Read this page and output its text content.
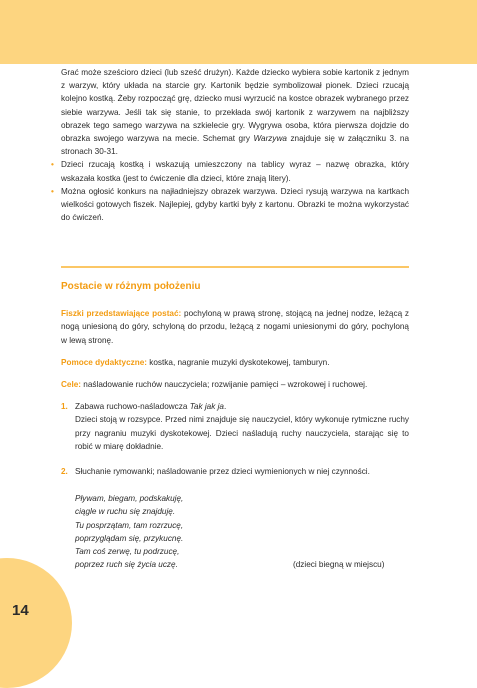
Grać może sześcioro dzieci (lub sześć drużyn). Każde dziecko wybiera sobie kartonik z jednym z warzyw, który układa na starcie gry. Kartonik będzie symbolizował pionek. Dzieci rzucają kolejno kostką. Żeby rozpocząć grę, dziecko musi wyrzucić na kostce obrazek wybranego przez siebie warzywa. Jeśli tak się stanie, to przekłada swój kartonik z warzywem na najbliższy obrazek tego samego warzywa na szkielecie gry. Wygrywa osoba, która pierwsza dojdzie do obrazka swojego warzywa na mecie. Schemat gry Warzywa znajduje się w załączniku 3. na stronach 30-31.

• Dzieci rzucają kostką i wskazują umieszczony na tablicy wyraz – nazwę obrazka, który wskazała kostka (jest to ćwiczenie dla dzieci, które znają litery).
• Można ogłosić konkurs na najładniejszy obrazek warzywa. Dzieci rysują warzywa na kartkach wielkości gotowych fiszek. Najlepiej, gdyby kartki były z kartonu. Obrazki te można wykorzystać do ćwiczeń.
Postacie w różnym położeniu

Fiszki przedstawiające postać: pochyloną w prawą stronę, stojącą na jednej nodze, leżącą z nogą uniesioną do góry, schyloną do przodu, leżącą z nogami uniesionymi do góry, pochyloną w lewą stronę.

Pomoce dydaktyczne: kostka, nagranie muzyki dyskotekowej, tamburyn.

Cele: naśladowanie ruchów nauczyciela; rozwijanie pamięci – wzrokowej i ruchowej.

1. Zabawa ruchowo-naśladowcza Tak jak ja.
Dzieci stoją w rozsypce. Przed nimi znajduje się nauczyciel, który wykonuje rytmiczne ruchy przy nagraniu muzyki dyskotekowej. Dzieci naśladują ruchy nauczyciela, starając się to robić w miarę dokładnie.
2. Słuchanie rymowanki; naśladowanie przez dzieci wymienionych w niej czynności.
Pływam, biegam, podskakuję,
ciągle w ruchu się znajduję.
Tu posprzątam, tam rozrzucę,
poprzyglądam się, przykucnę.
Tam coś zerwę, tu podrzucę,
poprzez ruch się życia uczę.	(dzieci biegną w miejscu)
14
